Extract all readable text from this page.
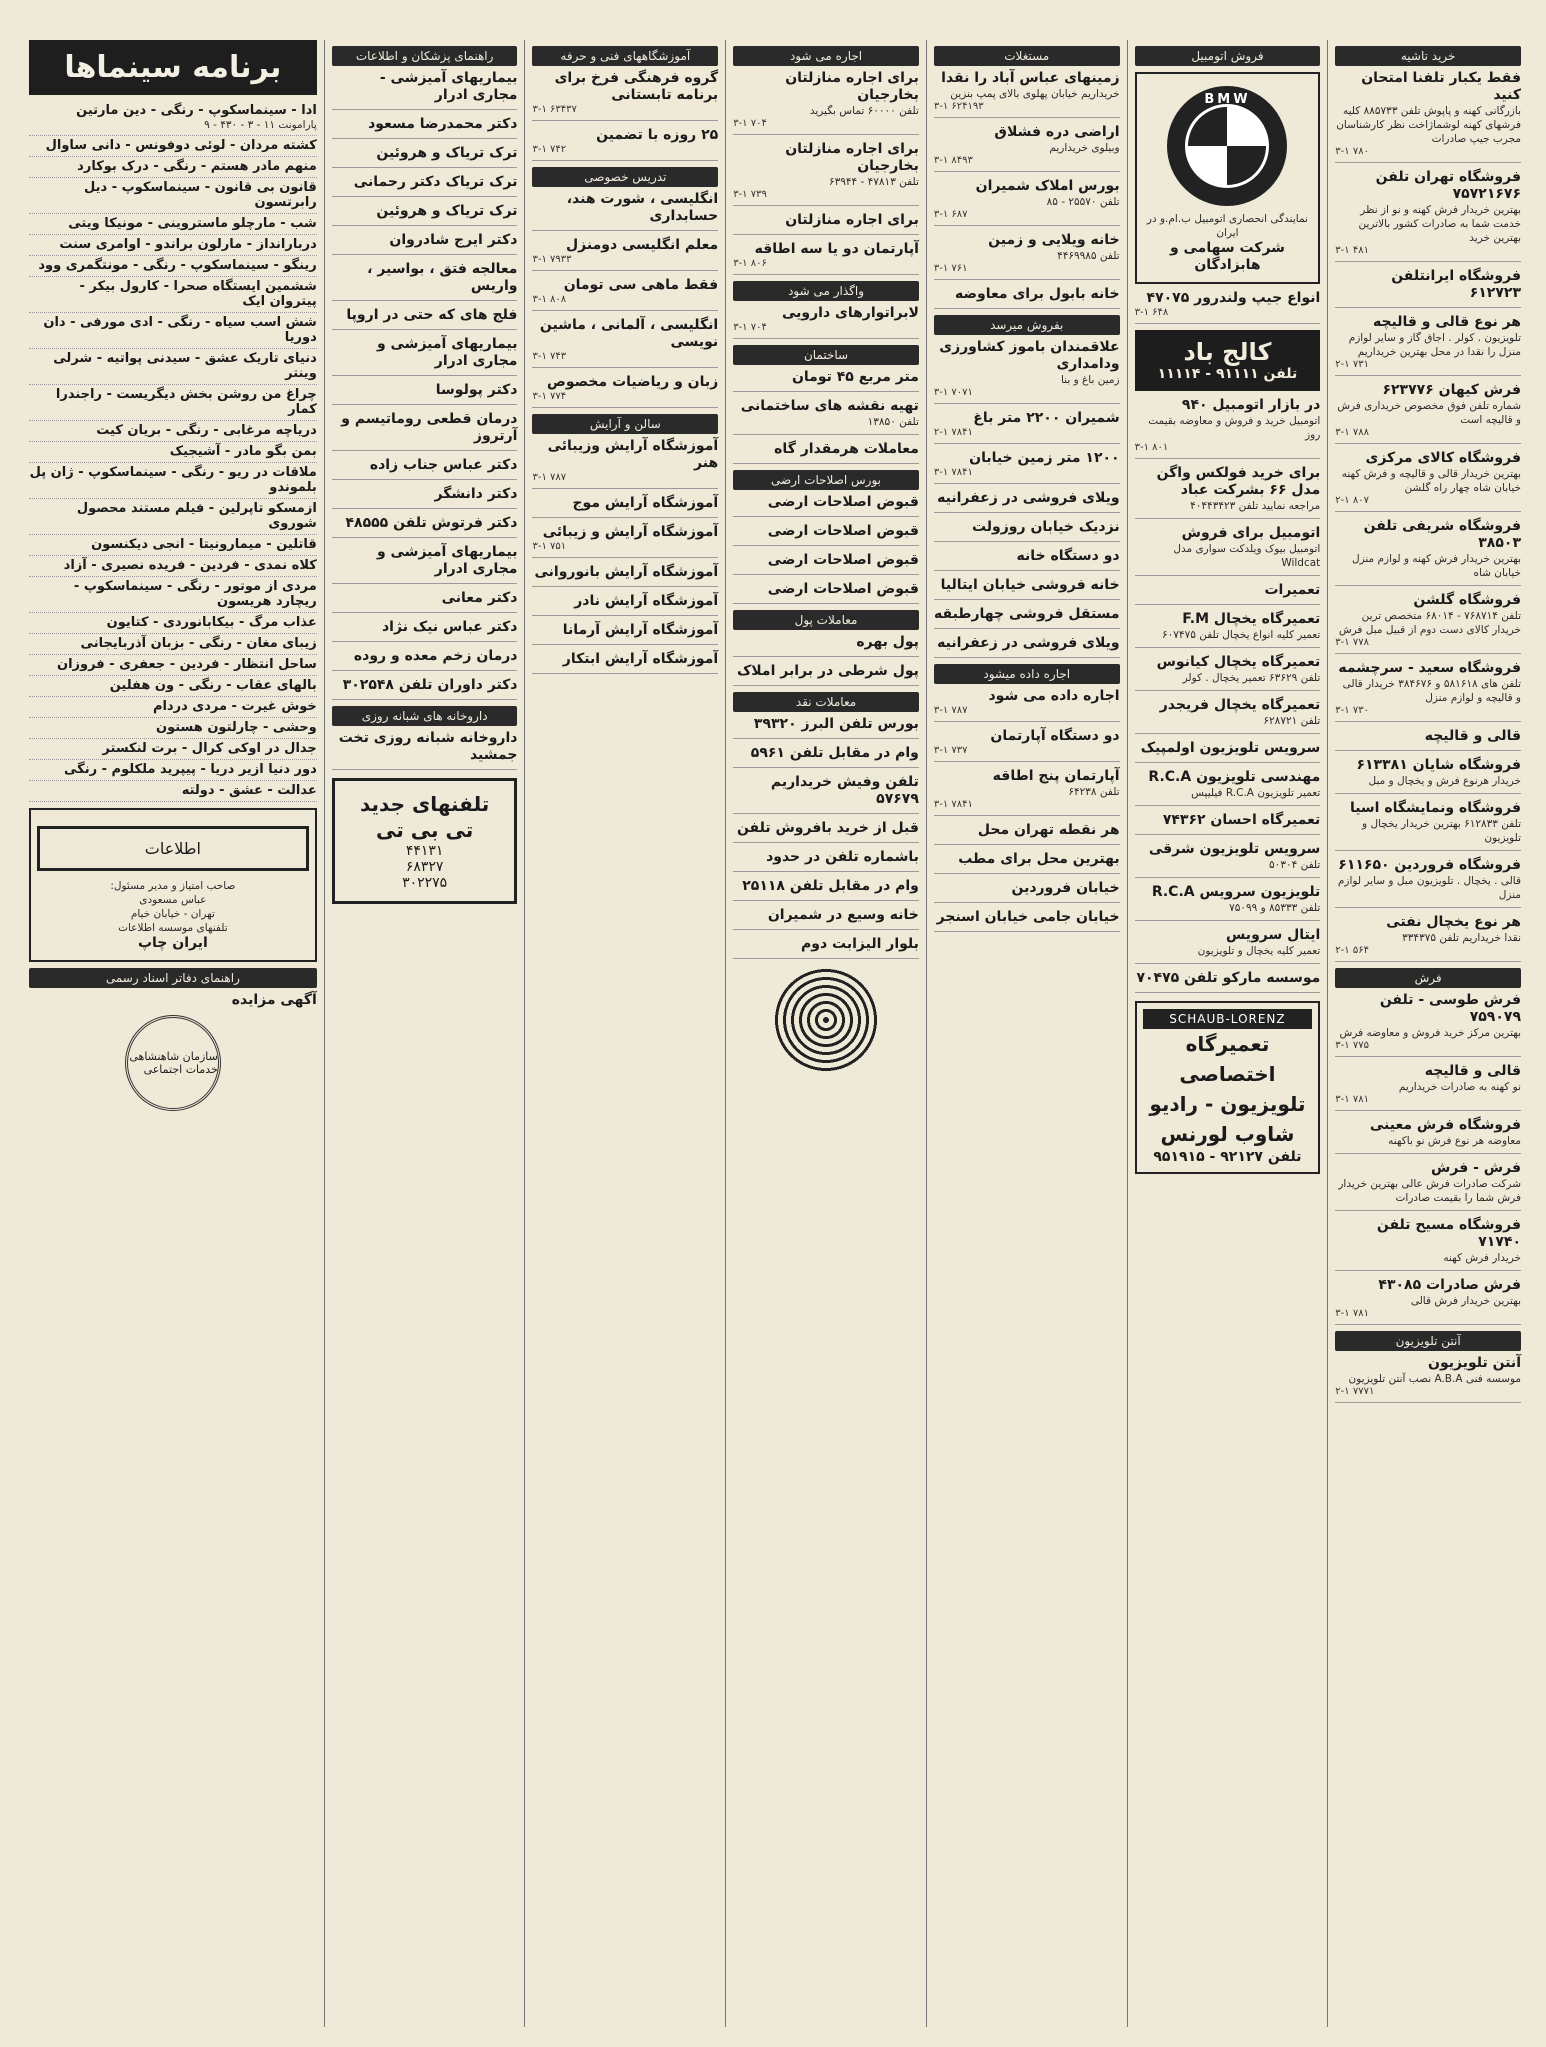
خرید تاشیه
فقط یکبار تلفنا امتحان کنید
بازرگانی کهنه و پاپوش تلفن ۸۸۵۷۳۳ کلیه فرشهای کهنه لوشماژاخت نظر کارشناسان مجرب جیپ صادرات
۳-۱ ۷۸۰
فروشگاه تهران تلفن ۷۵۷۲۱۶۷۶
بهترین خریدار فرش کهنه و نو از نظر خدمت شما به صادرات کشور بالاترین بهترین خرید
۳-۱ ۴۸۱
فروشگاه ایرانتلفن ۶۱۲۷۲۳
هر نوع قالی و قالیچه
تلویزیون . کولر . اجاق گاز و سایر لوازم منزل را نقدا در محل بهترین خریداریم
۲-۱ ۷۳۱
فرش کیهان ۶۲۳۷۷۶
شماره تلفن فوق مخصوص خریداری فرش و قالیچه است
۳-۱ ۷۸۸
فروشگاه کالای مرکزی
بهترین خریدار قالی و قالیچه و فرش کهنه خیابان شاه چهار راه گلشن
۲-۱ ۸۰۷
فروشگاه شریفی تلفن ۳۸۵۰۳
بهترین خریدار فرش کهنه و لوازم منزل خیابان شاه
فروشگاه گلشن
تلفن ۷۶۸۷۱۴ - ۶۸۰۱۴ متخصص ترین خریدار کالای دست دوم از قبیل مبل فرش
۳-۱ ۷۷۸
فروشگاه سعید - سرچشمه
تلفن های ۵۸۱۶۱۸ و ۳۸۴۶۷۶ خریدار قالی و قالیچه و لوازم منزل
۳-۱ ۷۳۰
قالی و قالیچه
فروشگاه شایان ۶۱۳۳۸۱
خریدار هرنوع فرش و یخچال و مبل
فروشگاه ونمایشگاه اسیا
تلفن ۶۱۲۸۳۳ بهترین خریدار یخچال و تلویزیون
فروشگاه فروردین ۶۱۱۶۵۰
قالی . یخچال . تلویزیون مبل و سایر لوازم منزل
هر نوع یخچال نفتی
نقدا خریداریم تلفن ۳۳۴۳۷۵
۲-۱ ۵۶۴
فرش
فرش طوسی - تلفن ۷۵۹۰۷۹
بهترین مرکز خرید فروش و معاوضه فرش
۳-۱ ۷۷۵
قالی و قالیچه
نو کهنه به صادرات خریداریم
۳-۱ ۷۸۱
فروشگاه فرش معینی
معاوضه هر نوع فرش نو باکهنه
فرش - فرش
شرکت صادرات فرش عالی بهترین خریدار فرش شما را بقیمت صادرات
فروشگاه مسیح تلفن ۷۱۷۴۰
خریدار فرش کهنه
فرش صادرات ۴۳۰۸۵
بهترین خریدار فرش قالی
۳-۱ ۷۸۱
آنتن تلویزیون
آنتن تلویزیون
موسسه فنی A.B.A نصب آنتن تلویزیون
۲-۱ ۷۷۷۱
فروش اتومبیل
BMW
نمایندگی انحصاری اتومبیل ب.ام.و در ایران
شرکت سهامی و هابزادگان
انواع جیپ ولندرور ۴۷۰۷۵
۳-۱ ۶۴۸
کالج باد
تلفن ۹۱۱۱۱ - ۱۱۱۱۴
در بازار اتومبیل ۹۴۰
اتومبیل خرید و فروش و معاوضه بقیمت روز
۳-۱ ۸۰۱
برای خرید فولکس واگن مدل ۶۶ بشرکت عباد
مراجعه نمایید تلفن ۴۰۴۴۳۴۲۳
اتومبیل برای فروش
اتومبیل بیوک ویلدکت سواری مدل Wildcat
تعمیرات
تعمیرگاه یخچال F.M
تعمیر کلیه انواع یخچال تلفن ۶۰۷۴۷۵
تعمیرگاه یخچال کیانوس
تلفن ۶۳۶۲۹ تعمیر یخچال . کولر
تعمیرگاه یخچال فریجدر
تلفن ۶۲۸۷۲۱
سرویس تلویزیون اولمپیک
مهندسی تلویزیون R.C.A
تعمیر تلویزیون R.C.A فیلیپس
تعمیرگاه احسان ۷۴۳۶۲
سرویس تلویزیون شرقی
تلفن ۵۰۳۰۴
تلویزیون سرویس R.C.A
تلفن ۸۵۳۳۳ و ۷۵۰۹۹
ایتال سرویس
تعمیر کلیه یخچال و تلویزیون
موسسه مارکو تلفن ۷۰۴۷۵
SCHAUB-LORENZ
تعمیرگاه اختصاصی
تلویزیون - رادیو
شاوب لورنس
تلفن ۹۲۱۲۷ - ۹۵۱۹۱۵
مستغلات
زمینهای عباس آباد را نقدا
خریداریم خیابان پهلوی بالای پمپ بنزین
۳-۱ ۶۲۴۱۹۳
اراضی دره فشلاق
وبیلوی خریداریم
۳-۱ ۸۴۹۳
بورس املاک شمیران
تلفن ۲۵۵۷۰ - ۸۵
۳-۱ ۶۸۷
خانه ویلایی و زمین
تلفن ۴۴۶۹۹۸۵
۳-۱ ۷۶۱
خانه بابول برای معاوضه
بفروش میرسد
علاقمندان باموز کشاورزی ودامداری
زمین باغ و بنا
۳-۱ ۷۰۷۱
شمیران ۲۲۰۰ متر باغ
۲-۱ ۷۸۴۱
۱۲۰۰ متر زمین خیابان
۳-۱ ۷۸۴۱
ویلای فروشی در زعفرانیه
نزدیک خیابان روزولت
دو دستگاه خانه
خانه فروشی خیابان ایتالیا
مستقل فروشی چهارطبقه
ویلای فروشی در زعفرانیه
اجاره داده میشود
اجاره داده می شود
۳-۱ ۷۸۷
دو دستگاه آپارتمان
۳-۱ ۷۳۷
آپارتمان پنج اطاقه
تلفن ۶۴۲۳۸
۳-۱ ۷۸۴۱
هر نقطه تهران محل
بهترین محل برای مطب
خیابان فروردین
خیابان جامی خیابان اسنجر
اجاره می شود
برای اجاره منازلتان بخارجیان
تلفن ۶۰۰۰۰ تماس بگیرید
۳-۱ ۷۰۴
برای اجاره منازلتان بخارجیان
تلفن ۴۷۸۱۳ - ۶۳۹۴۴
۳-۱ ۷۳۹
برای اجاره منازلتان
آپارتمان دو یا سه اطاقه
۳-۱ ۸۰۶
واگذار می شود
لابراتوارهای دارویی
۳-۱ ۷۰۴
ساختمان
متر مربع ۴۵ تومان
تهیه نقشه های ساختمانی
تلفن ۱۳۸۵۰
معاملات هرمقدار گاه
بورس اصلاحات ارضی
قبوض اصلاحات ارضی
قبوض اصلاحات ارضی
قبوض اصلاحات ارضی
قبوض اصلاحات ارضی
معاملات پول
پول بهره
پول شرطی در برابر املاک
معاملات نقد
بورس تلفن البرز ۳۹۳۲۰
وام در مقابل تلفن ۵۹۶۱
تلفن وفیش خریداریم ۵۷۶۷۹
قبل از خرید بافروش تلفن
باشماره تلفن در حدود
وام در مقابل تلفن ۲۵۱۱۸
خانه وسیع در شمیران
بلوار الیزابت دوم
آموزشگاههای فنی و حرفه
گروه فرهنگی فرخ برای برنامه تابستانی
۳-۱ ۶۳۴۳۷
۲۵ روزه با تضمین
۳-۱ ۷۴۲
تدریس خصوصی
انگلیسی ، شورت هند، حسابداری
معلم انگلیسی دومنزل
۳-۱ ۷۹۳۳
فقط ماهی سی تومان
۳-۱ ۸۰۸
انگلیسی ، آلمانی ، ماشین نویسی
۳-۱ ۷۴۳
زبان و ریاضیات مخصوص
۳-۱ ۷۷۴
سالن و آرایش
آموزشگاه آرایش وزیبائی هنر
۳-۱ ۷۸۷
آموزشگاه آرایش موج
آموزشگاه آرایش و زیبائی
۳-۱ ۷۵۱
آموزشگاه آرایش بانوروانی
آموزشگاه آرایش نادر
آموزشگاه آرایش آرمانا
آموزشگاه آرایش ابتکار
راهنمای پزشکان و اطلاعات
بیماریهای آمیزشی - مجاری ادرار
دکتر محمدرضا مسعود
ترک تریاک و هروئین
ترک تریاک دکتر رحمانی
ترک تریاک و هروئین
دکتر ایرج شادروان
معالجه فتق ، بواسیر ، واریس
فلج های که حتی در اروپا
بیماریهای آمیزشی و مجاری ادرار
دکتر پولوسا
درمان قطعی روماتیسم و آرتروز
دکتر عباس جناب زاده
دکتر دانشگر
دکتر فرتوش تلفن ۴۸۵۵۵
بیماریهای آمیزشی و مجاری ادرار
دکتر معانی
دکتر عباس نیک نژاد
درمان زخم معده و روده
دکتر داوران تلفن ۳۰۲۵۴۸
داروخانه های شبانه روزی
داروخانه شبانه روزی تخت جمشید
تلفنهای جدید
تی بی تی
۴۴۱۳۱
۶۸۳۲۷
۳۰۲۲۷۵
برنامه سینماها
ادا - سینماسکوپ - رنگی - دین مارتین
پارامونت ۱۱ - ۳ - ۴۳۰ - ۹
کشته مردان - لوئی دوفونس - دانی ساوال
منهم مادر هستم - رنگی - درک بوکارد
قانون بی قانون - سینماسکوپ - دیل رابرتسون
شب - مارچلو ماستروینی - مونیکا ویتی
دربارانداز - مارلون براندو - اوامری سنت
رینگو - سینماسکوپ - رنگی - مونتگمری وود
ششمین ایستگاه صحرا - کارول بیکر - پیتروان ایک
شش اسب سیاه - رنگی - ادی مورفی - دان دوریا
دنیای تاریک عشق - سیدنی پواتیه - شرلی وینتر
چراغ من روشن بخش دیگریست - راجندرا کمار
دریاچه مرغابی - رنگی - بریان کیت
بمن بگو مادر - آشیجیک
ملاقات در ریو - رنگی - سینماسکوپ - ژان پل بلموندو
ازمسکو تاپرلین - فیلم مستند محصول شوروی
قاتلین - میمارونیتا - انجی دیکنسون
کلاه نمدی - فردین - فریده نصیری - آزاد
مردی از موتور - رنگی - سینماسکوپ - ریچارد هریسون
عذاب مرگ - بیکابانوردی - کتایون
زیبای مغان - رنگی - بزبان آذربایجانی
ساحل انتظار - فردین - جعفری - فروزان
بالهای عقاب - رنگی - ون هفلین
خوش غیرت - مردی دردام
وحشی - چارلتون هستون
جدال در اوکی کرال - برت لنکستر
دور دنیا ازیر دریا - پیپرید ملکلوم - رنگی
عدالت - عشق - دولته
اطلاعات
صاحب امتیاز و مدیر مسئول:
عباس مسعودی
تهران - خیابان خیام
تلفنهای موسسه اطلاعات
ایران چاپ
راهنمای دفاتر اسناد رسمی
آگهی مزایده
سازمان شاهنشاهی خدمات اجتماعی
